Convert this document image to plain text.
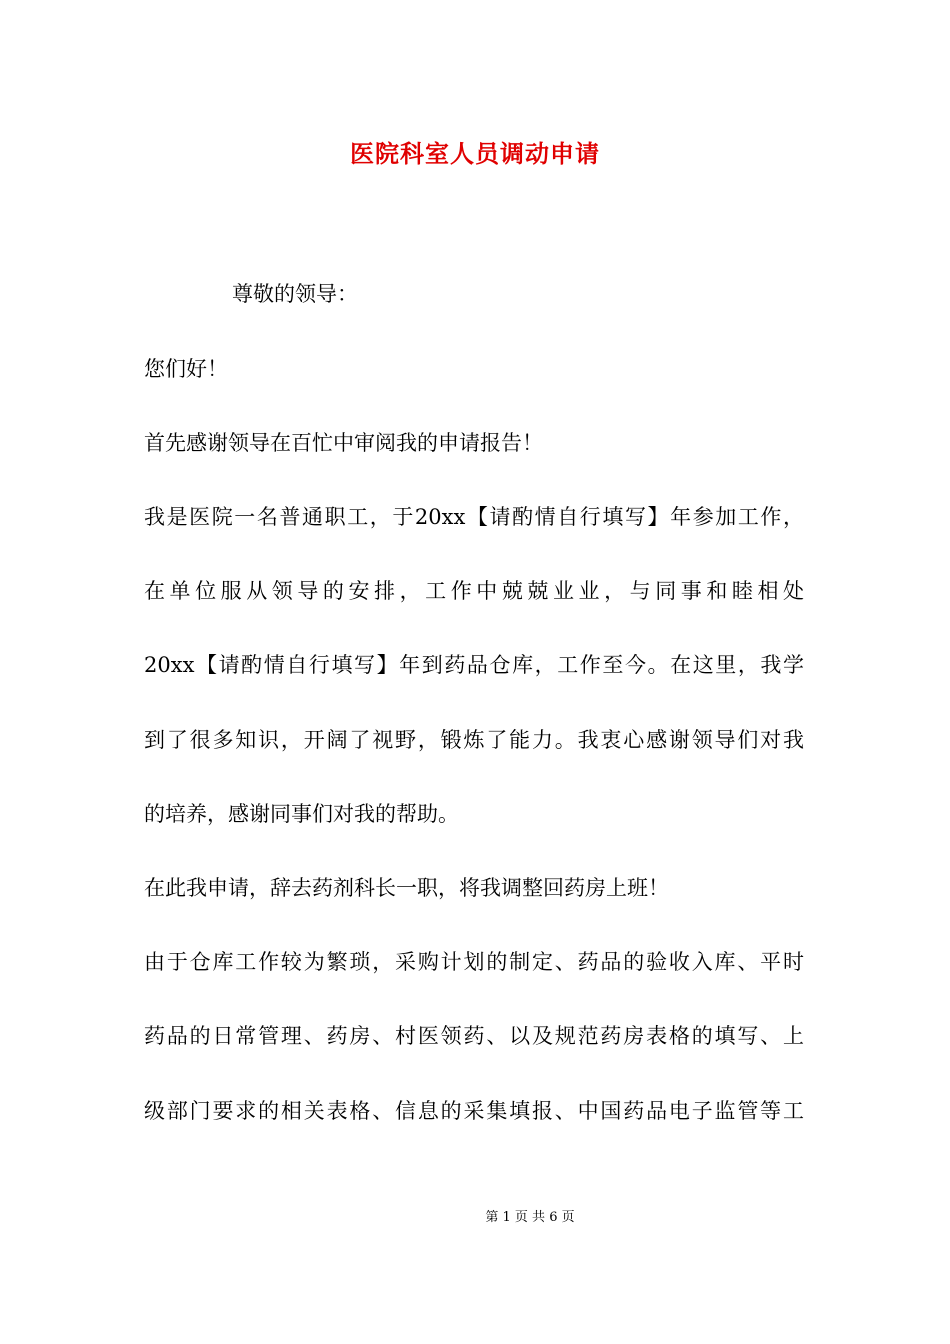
医院科室人员调动申请
尊敬的领导：
您们好！
首先感谢领导在百忙中审阅我的申请报告！
我是医院一名普通职工，于20xx【请酌情自行填写】年参加工作，
在单位服从领导的安排，工作中兢兢业业，与同事和睦相处
20xx【请酌情自行填写】年到药品仓库，工作至今。在这里，我学
到了很多知识，开阔了视野，锻炼了能力。我衷心感谢领导们对我
的培养，感谢同事们对我的帮助。
在此我申请，辞去药剂科长一职，将我调整回药房上班！
由于仓库工作较为繁琐，采购计划的制定、药品的验收入库、平时
药品的日常管理、药房、村医领药、以及规范药房表格的填写、上
级部门要求的相关表格、信息的采集填报、中国药品电子监管等工
第 1 页 共 6 页
